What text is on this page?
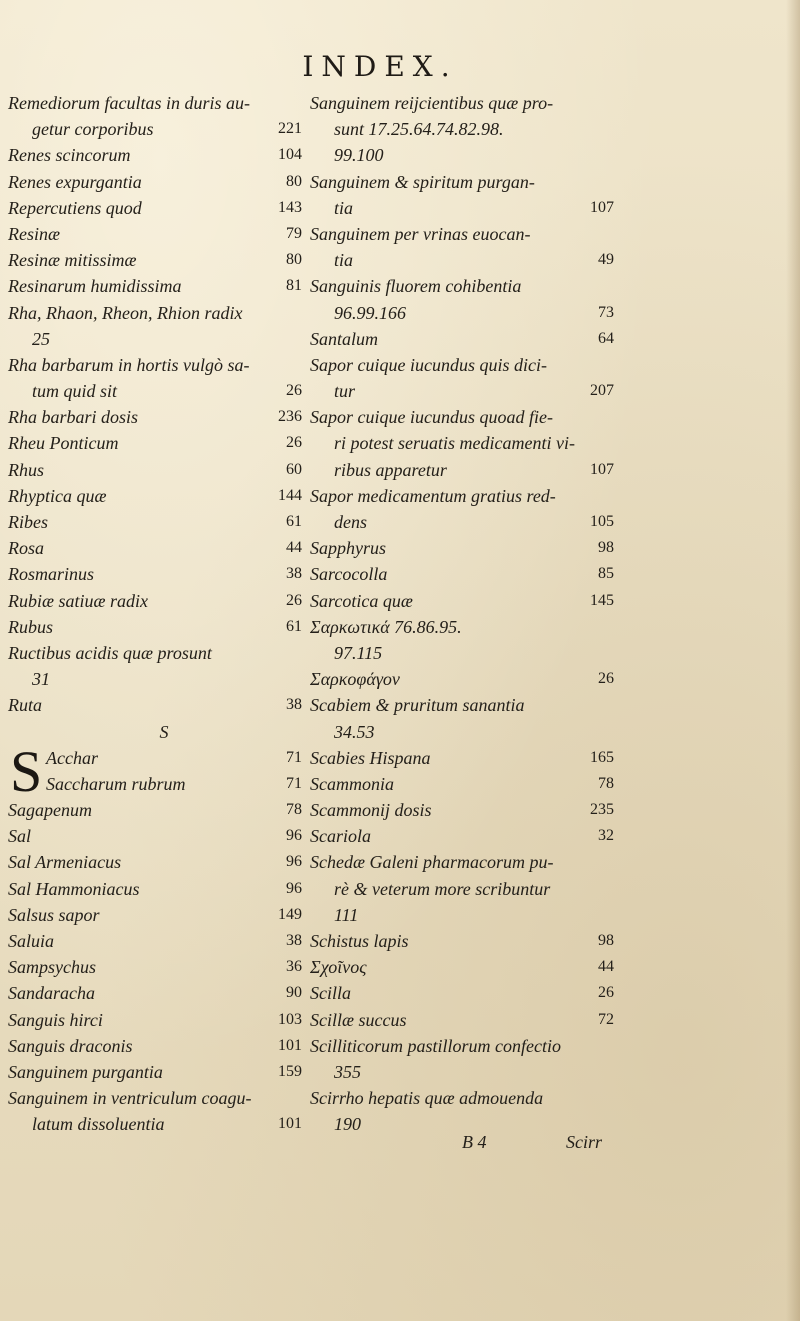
INDEX.
Remediorum facultas in duris au-
getur corporibus	221
Renes scincorum	104
Renes expurgantia	80
Repercutiens quod	143
Resinæ	79
Resinæ mitissimæ	80
Resinarum humidissima	81
Rha, Rhaon, Rheon, Rhion radix
25
Rha barbarum in hortis vulgò sa-
tum quid sit	26
Rha barbari dosis	236
Rheu Ponticum	26
Rhus	60
Rhyptica quæ	144
Ribes	61
Rosa	44
Rosmarinus	38
Rubiæ satiuæ radix	26
Rubus	61
Ructibus acidis quæ prosunt
31
Ruta	38
S
S Acchar	71
Saccharum rubrum	71
Sagapenum	78
Sal	96
Sal Armeniacus	96
Sal Hammoniacus	96
Salsus sapor	149
Saluia	38
Sampsychus	36
Sandaracha	90
Sanguis hirci	103
Sanguis draconis	101
Sanguinem purgantia	159
Sanguinem in ventriculum coagu-
latum dissoluentia	101
Sanguinem reijcientibus quæ pro-
sunt 17.25.64.74.82.98.
99.100
Sanguinem & spiritum purgan-
tia	107
Sanguinem per vrinas euocan-
tia	49
Sanguinis fluorem cohibentia
96.99.166	73
Santalum	64
Sapor cuique iucundus quis dici-
tur	207
Sapor cuique iucundus quoad fie-
ri potest seruatis medicamenti vi-
ribus apparetur	107
Sapor medicamentum gratius red-
dens	105
Sapphyrus	98
Sarcocolla	85
Sarcotica quæ	145
Σαρκωτικά 76.86.95.
97.115
Σαρκοφάγον	26
Scabiem & pruritum sanantia
34.53
Scabies Hispana	165
Scammonia	78
Scammonij dosis	235
Scariola	32
Schedæ Galeni pharmacorum pu-
rè & veterum more scribuntur
111
Schistus lapis	98
Σχοῖνος	44
Scilla	26
Scillæ succus	72
Scilliticorum pastillorum confectio
355
Scirrho hepatis quæ admouenda
190
B 4	Scirr
